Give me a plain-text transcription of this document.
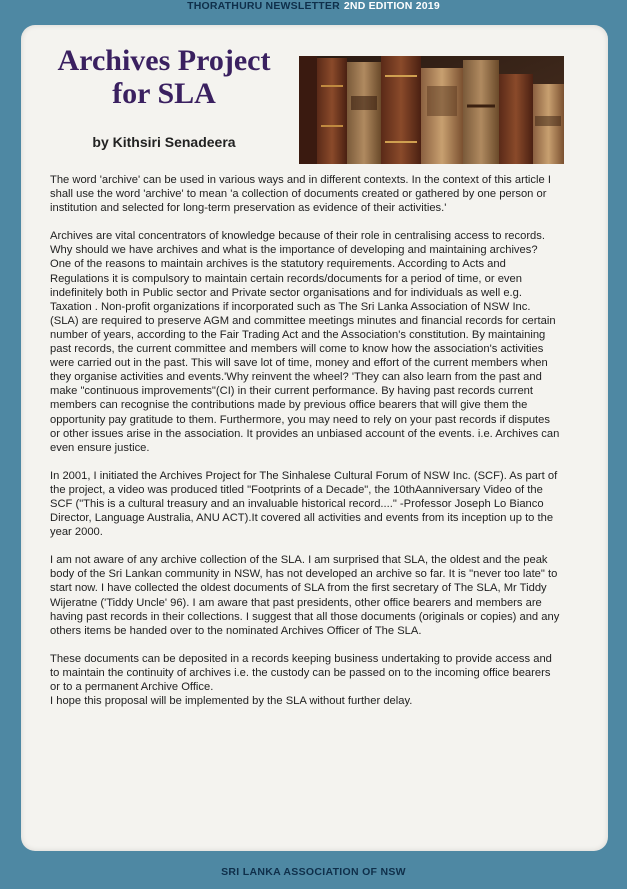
THORATHURU NEWSLETTER 2ND EDITION 2019
Archives Project
for SLA
by Kithsiri Senadeera

The word 'archive' can be used in various ways and in different contexts. In the context of this article I shall use the word 'archive' to mean 'a collection of documents created or gathered by one person or institution and selected for long-term preservation as evidence of their activities.'

Archives are vital concentrators of knowledge because of their role in centralising access to records. Why should we have archives and what is the importance of developing and maintaining archives? One of the reasons to maintain archives is the statutory requirements. According to Acts and Regulations it is compulsory to maintain certain records/documents for a period of time, or even indefinitely both in Public sector and Private sector organisations and for individuals as well e.g. Taxation . Non-profit organizations if incorporated such as The Sri Lanka Association of NSW Inc. (SLA) are required to preserve AGM and committee meetings minutes and financial records for certain number of years, according to the Fair Trading Act and the Association's constitution. By maintaining past records, the current committee and members will come to know how the association's activities were carried out in the past. This will save lot of time, money and effort of the current members when they organise activities and events.'Why reinvent the wheel? 'They can also learn from the past and make "continuous improvements"(CI) in their current performance. By having past records current members can recognise the contributions made by previous office bearers that will give them the opportunity pay gratitude to them. Furthermore, you may need to rely on your past records if disputes or other issues arise in the association. It provides an unbiased account of the events. i.e. Archives can even ensure justice.

In 2001, I initiated the Archives Project for The Sinhalese Cultural Forum of NSW Inc. (SCF). As part of the project, a video was produced titled "Footprints of a Decade", the 10thAanniversary Video of the SCF ("This is a cultural treasury and an invaluable historical record...." -Professor Joseph Lo Bianco Director, Language Australia, ANU ACT).It covered all activities and events from its inception up to the year 2000.

I am not aware of any archive collection of the SLA. I am surprised that SLA, the oldest and the peak body of the Sri Lankan community in NSW, has not developed an archive so far. It is "never too late" to start now. I have collected the oldest documents of SLA from the first secretary of The SLA, Mr Tiddy Wijeratne ('Tiddy Uncle' 96). I am aware that past presidents, other office bearers and members are having past records in their collections. I suggest that all those documents (originals or copies) and any others items be handed over to the nominated Archives Officer of The SLA.

These documents can be deposited in a records keeping business undertaking to provide access and to maintain the continuity of archives i.e. the custody can be passed on to the incoming office bearers or to a permanent Archive Office.

I hope this proposal will be implemented by the SLA without further delay.

SRI LANKA ASSOCIATION OF NSW
